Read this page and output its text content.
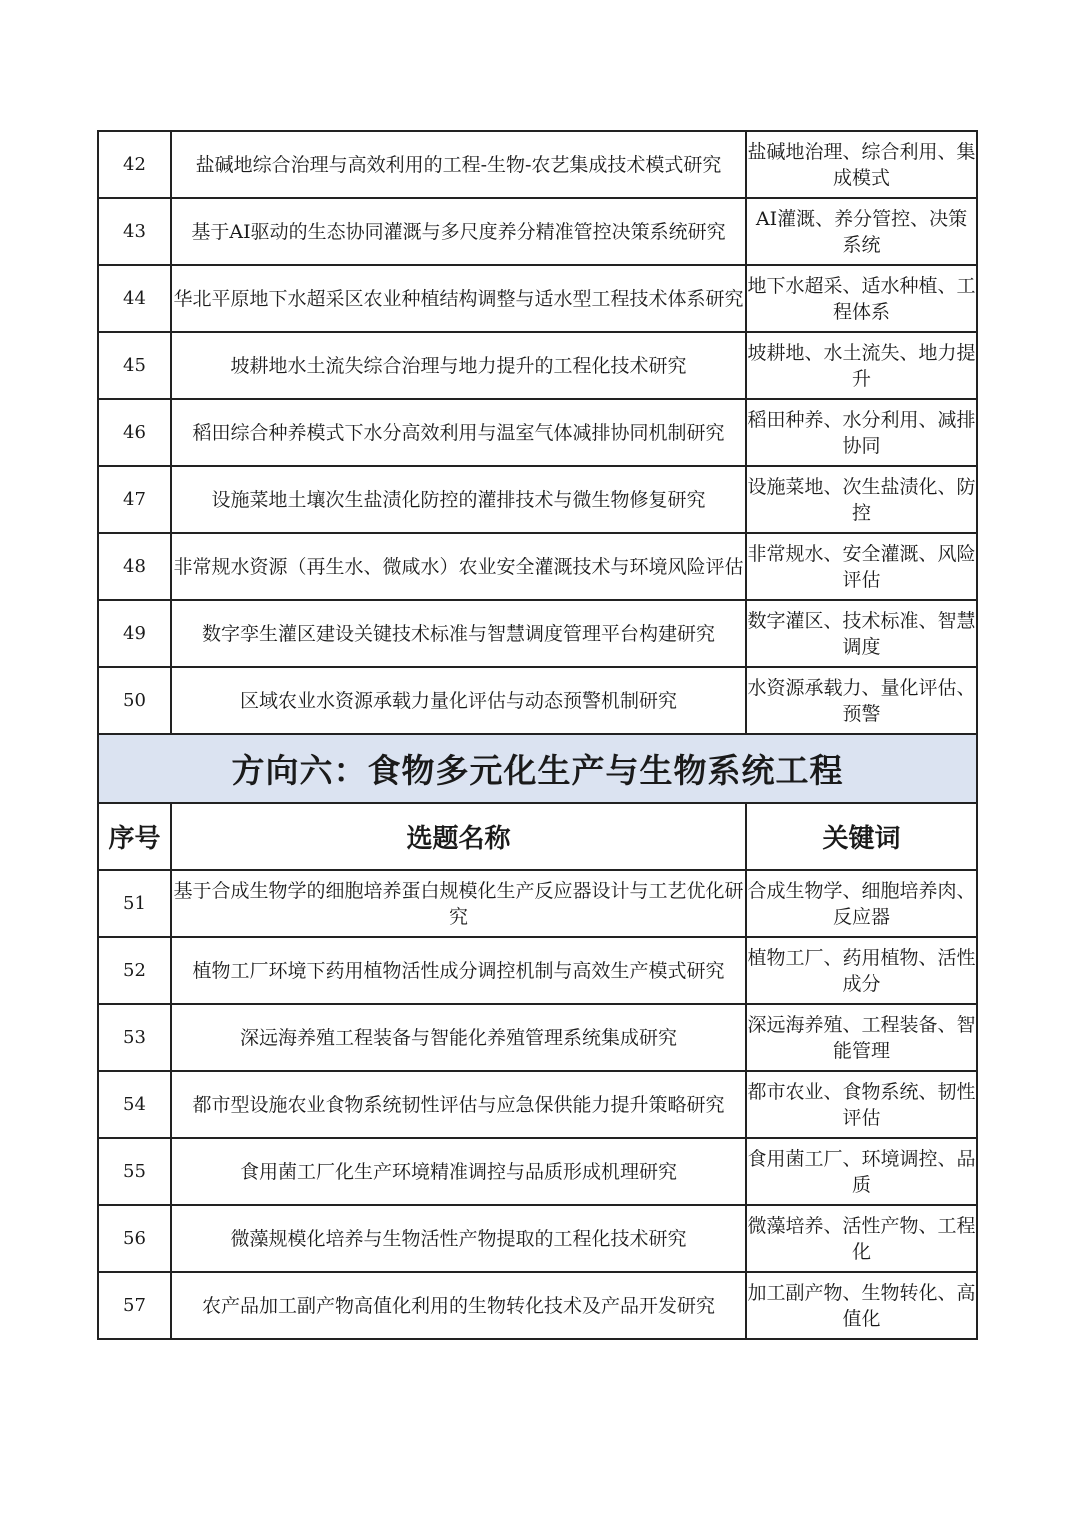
42	盐碱地综合治理与高效利用的工程-生物-农艺集成技术模式研究	盐碱地治理、综合利用、集成模式
43	基于AI驱动的生态协同灌溉与多尺度养分精准管控决策系统研究	AI灌溉、养分管控、决策系统
44	华北平原地下水超采区农业种植结构调整与适水型工程技术体系研究	地下水超采、适水种植、工程体系
45	坡耕地水土流失综合治理与地力提升的工程化技术研究	坡耕地、水土流失、地力提升
46	稻田综合种养模式下水分高效利用与温室气体减排协同机制研究	稻田种养、水分利用、减排协同
47	设施菜地土壤次生盐渍化防控的灌排技术与微生物修复研究	设施菜地、次生盐渍化、防控
48	非常规水资源（再生水、微咸水）农业安全灌溉技术与环境风险评估	非常规水、安全灌溉、风险评估
49	数字孪生灌区建设关键技术标准与智慧调度管理平台构建研究	数字灌区、技术标准、智慧调度
50	区域农业水资源承载力量化评估与动态预警机制研究	水资源承载力、量化评估、预警
方向六：食物多元化生产与生物系统工程		
序号	选题名称	关键词
51	基于合成生物学的细胞培养蛋白规模化生产反应器设计与工艺优化研究	合成生物学、细胞培养肉、反应器
52	植物工厂环境下药用植物活性成分调控机制与高效生产模式研究	植物工厂、药用植物、活性成分
53	深远海养殖工程装备与智能化养殖管理系统集成研究	深远海养殖、工程装备、智能管理
54	都市型设施农业食物系统韧性评估与应急保供能力提升策略研究	都市农业、食物系统、韧性评估
55	食用菌工厂化生产环境精准调控与品质形成机理研究	食用菌工厂、环境调控、品质
56	微藻规模化培养与生物活性产物提取的工程化技术研究	微藻培养、活性产物、工程化
57	农产品加工副产物高值化利用的生物转化技术及产品开发研究	加工副产物、生物转化、高值化
